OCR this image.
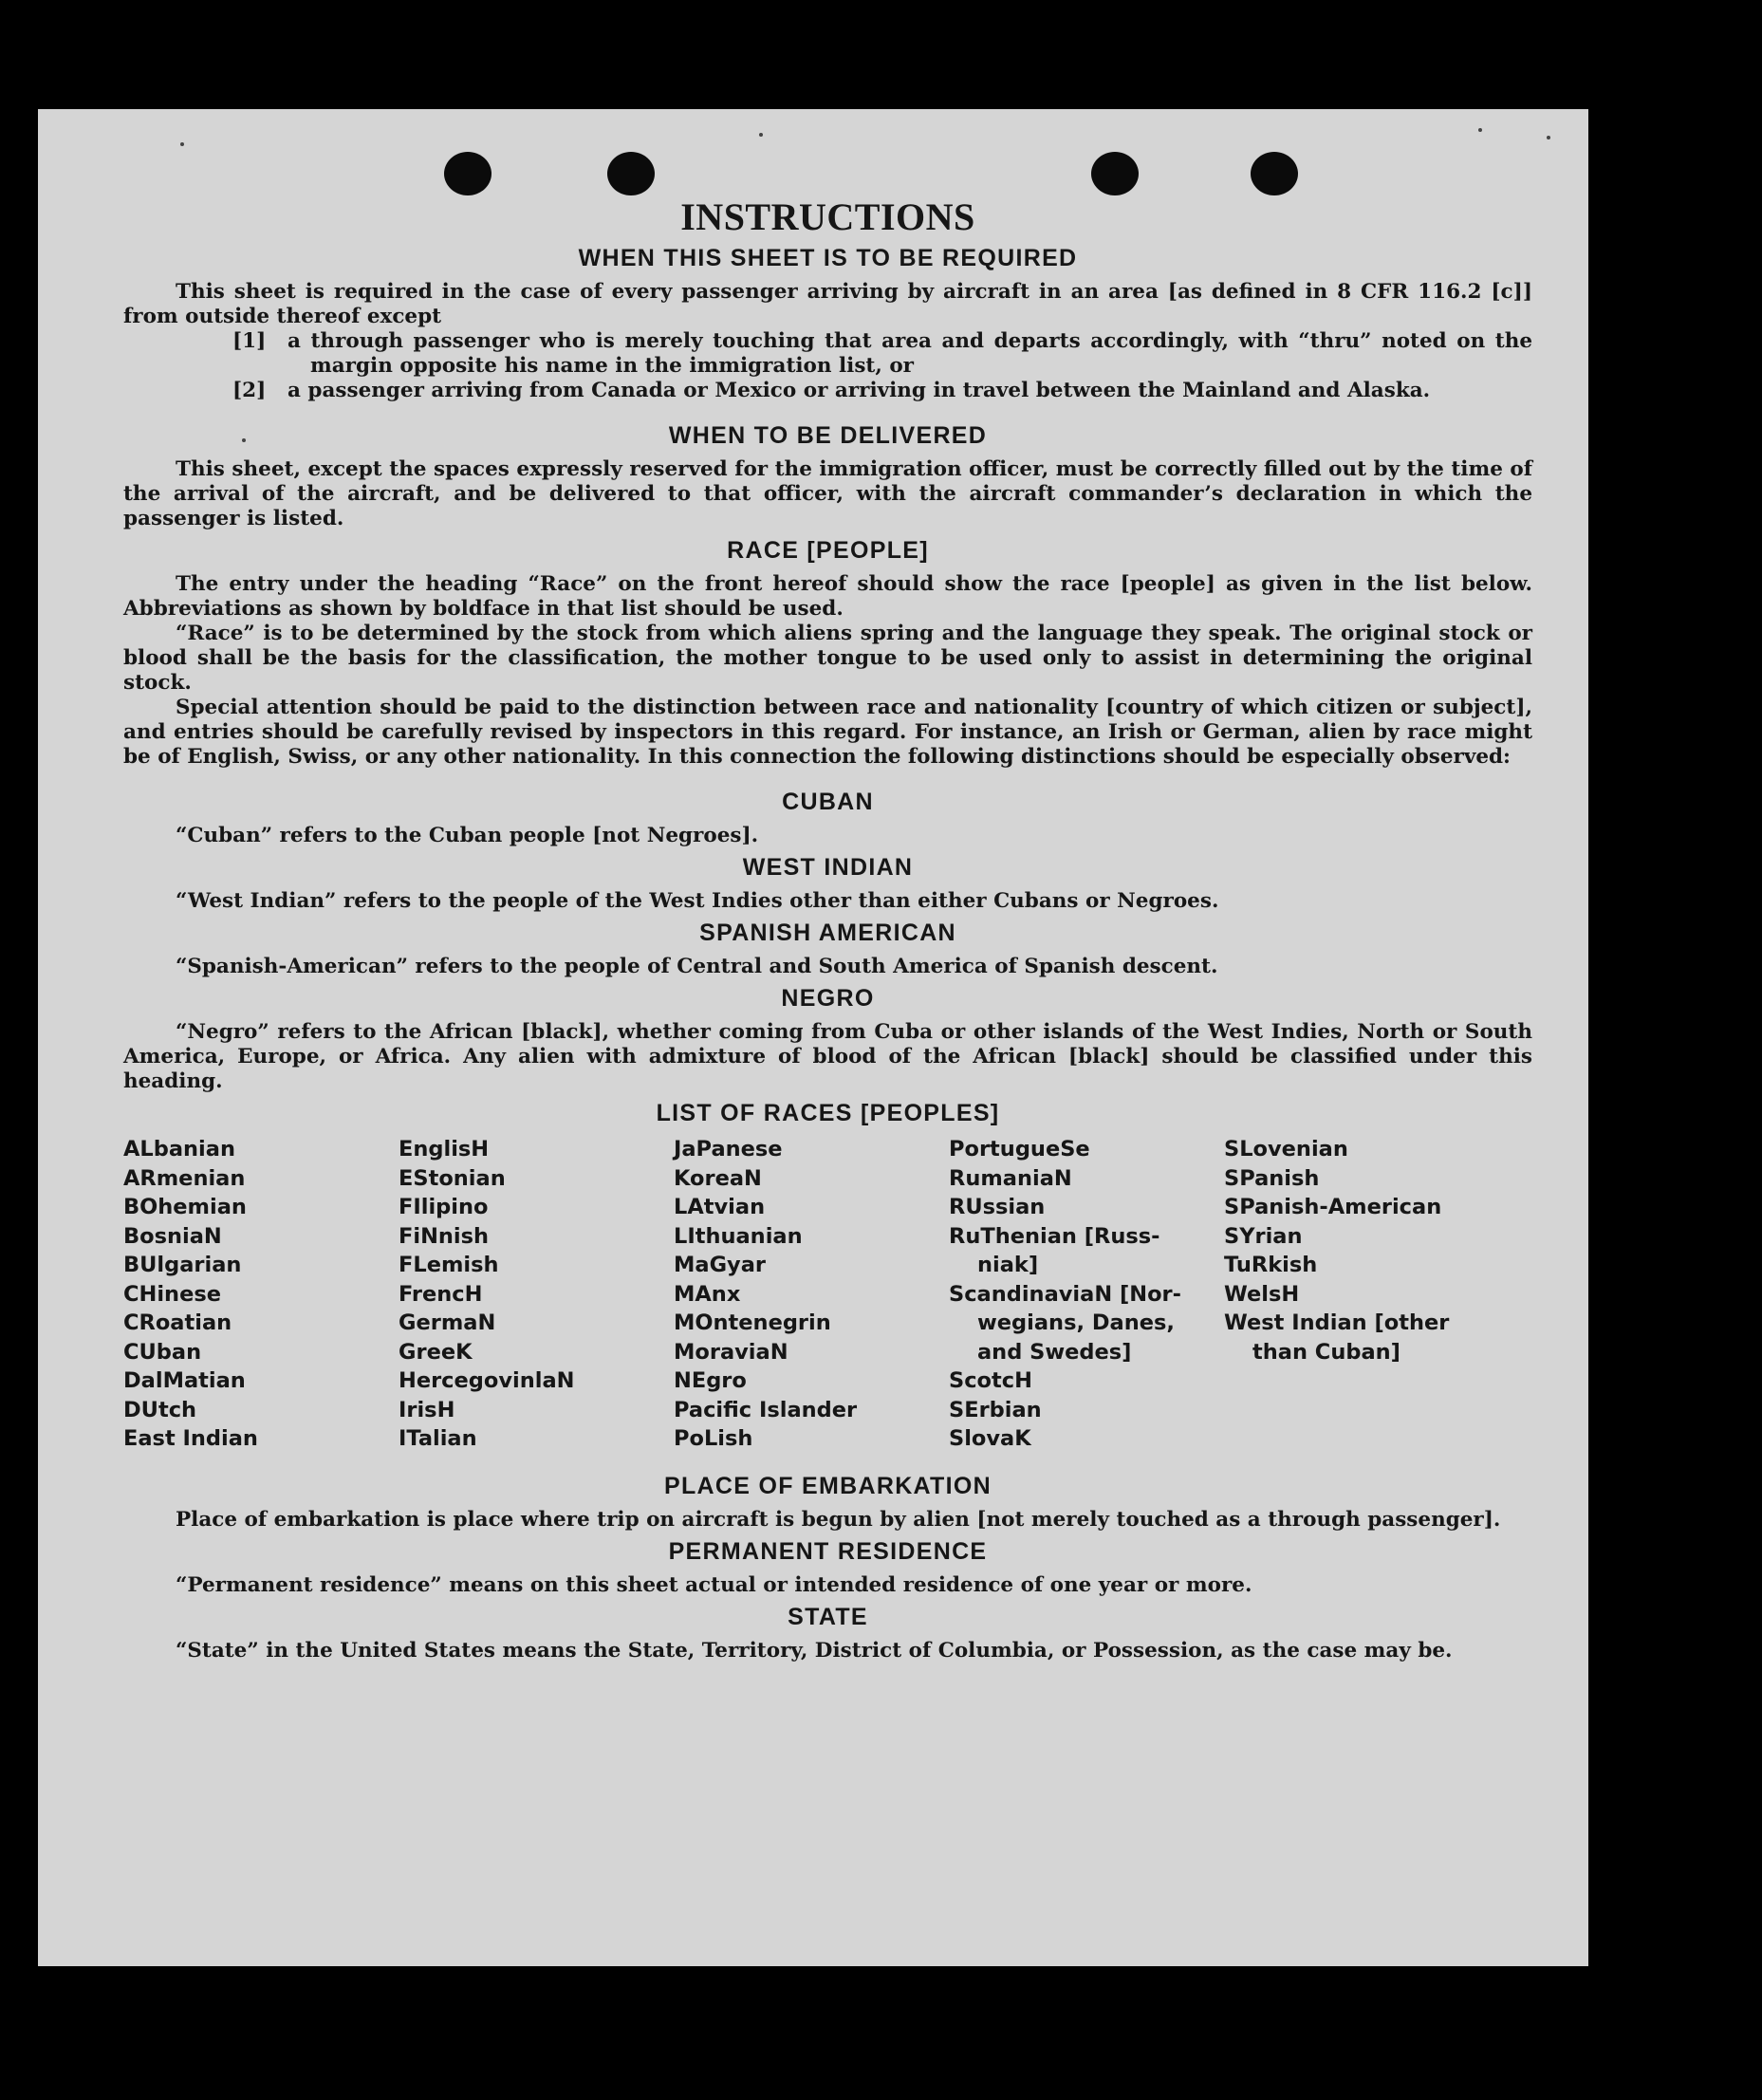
INSTRUCTIONS
WHEN THIS SHEET IS TO BE REQUIRED

This sheet is required in the case of every passenger arriving by aircraft in an area [as defined in 8 CFR 116.2 [c]] from outside thereof except

[1] a through passenger who is merely touching that area and departs accordingly, with “thru” noted on the margin opposite his name in the immigration list, or
[2] a passenger arriving from Canada or Mexico or arriving in travel between the Mainland and Alaska.
WHEN TO BE DELIVERED

This sheet, except the spaces expressly reserved for the immigration officer, must be correctly filled out by the time of the arrival of the aircraft, and be delivered to that officer, with the aircraft commander’s declaration in which the passenger is listed.

RACE [PEOPLE]

The entry under the heading “Race” on the front hereof should show the race [people] as given in the list below. Abbreviations as shown by boldface in that list should be used.

“Race” is to be determined by the stock from which aliens spring and the language they speak. The original stock or blood shall be the basis for the classification, the mother tongue to be used only to assist in determining the original stock.

Special attention should be paid to the distinction between race and nationality [country of which citizen or subject], and entries should be carefully revised by inspectors in this regard. For instance, an Irish or German, alien by race might be of English, Swiss, or any other nationality. In this connection the following distinctions should be especially observed:

CUBAN

“Cuban” refers to the Cuban people [not Negroes].

WEST INDIAN

“West Indian” refers to the people of the West Indies other than either Cubans or Negroes.

SPANISH AMERICAN

“Spanish-American” refers to the people of Central and South America of Spanish descent.

NEGRO

“Negro” refers to the African [black], whether coming from Cuba or other islands of the West Indies, North or South America, Europe, or Africa. Any alien with admixture of blood of the African [black] should be classified under this heading.

LIST OF RACES [PEOPLES]
ALbanian
ARmenian
BOhemian
BosniaN
BUlgarian
CHinese
CRoatian
CUban
DalMatian
DUtch
East Indian
EnglisH
EStonian
FIlipino
FiNnish
FLemish
FrencH
GermaN
GreeK
HercegovinlaN
IrisH
ITalian
JaPanese
KoreaN
LAtvian
LIthuanian
MaGyar
MAnx
MOntenegrin
MoraviaN
NEgro
Pacific Islander
PoLish
PortugueSe
RumaniaN
RUssian
RuThenian [Russ-
niak]
ScandinaviaN [Nor-
wegians, Danes,
and Swedes]
ScotcH
SErbian
SlovaK
SLovenian
SPanish
SPanish-American
SYrian
TuRkish
WelsH
West Indian [other
than Cuban]
PLACE OF EMBARKATION

Place of embarkation is place where trip on aircraft is begun by alien [not merely touched as a through passenger].

PERMANENT RESIDENCE

“Permanent residence” means on this sheet actual or intended residence of one year or more.

STATE

“State” in the United States means the State, Territory, District of Columbia, or Possession, as the case may be.
